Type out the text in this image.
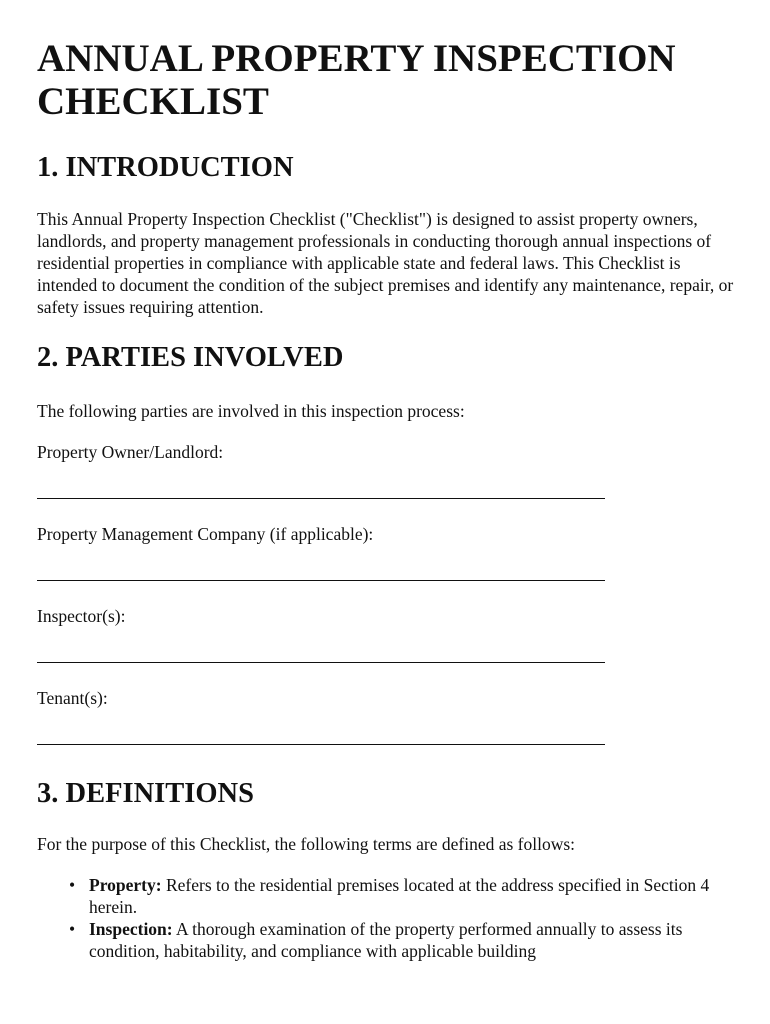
ANNUAL PROPERTY INSPECTION CHECKLIST
1. INTRODUCTION

This Annual Property Inspection Checklist ("Checklist") is designed to assist property owners, landlords, and property management professionals in conducting thorough annual inspections of residential properties in compliance with applicable state and federal laws. This Checklist is intended to document the condition of the subject premises and identify any maintenance, repair, or safety issues requiring attention.

2. PARTIES INVOLVED

The following parties are involved in this inspection process:

Property Owner/Landlord:

Property Management Company (if applicable):

Inspector(s):

Tenant(s):

3. DEFINITIONS

For the purpose of this Checklist, the following terms are defined as follows:

• Property: Refers to the residential premises located at the address specified in Section 4 herein.
• Inspection: A thorough examination of the property performed annually to assess its condition, habitability, and compliance with applicable building
